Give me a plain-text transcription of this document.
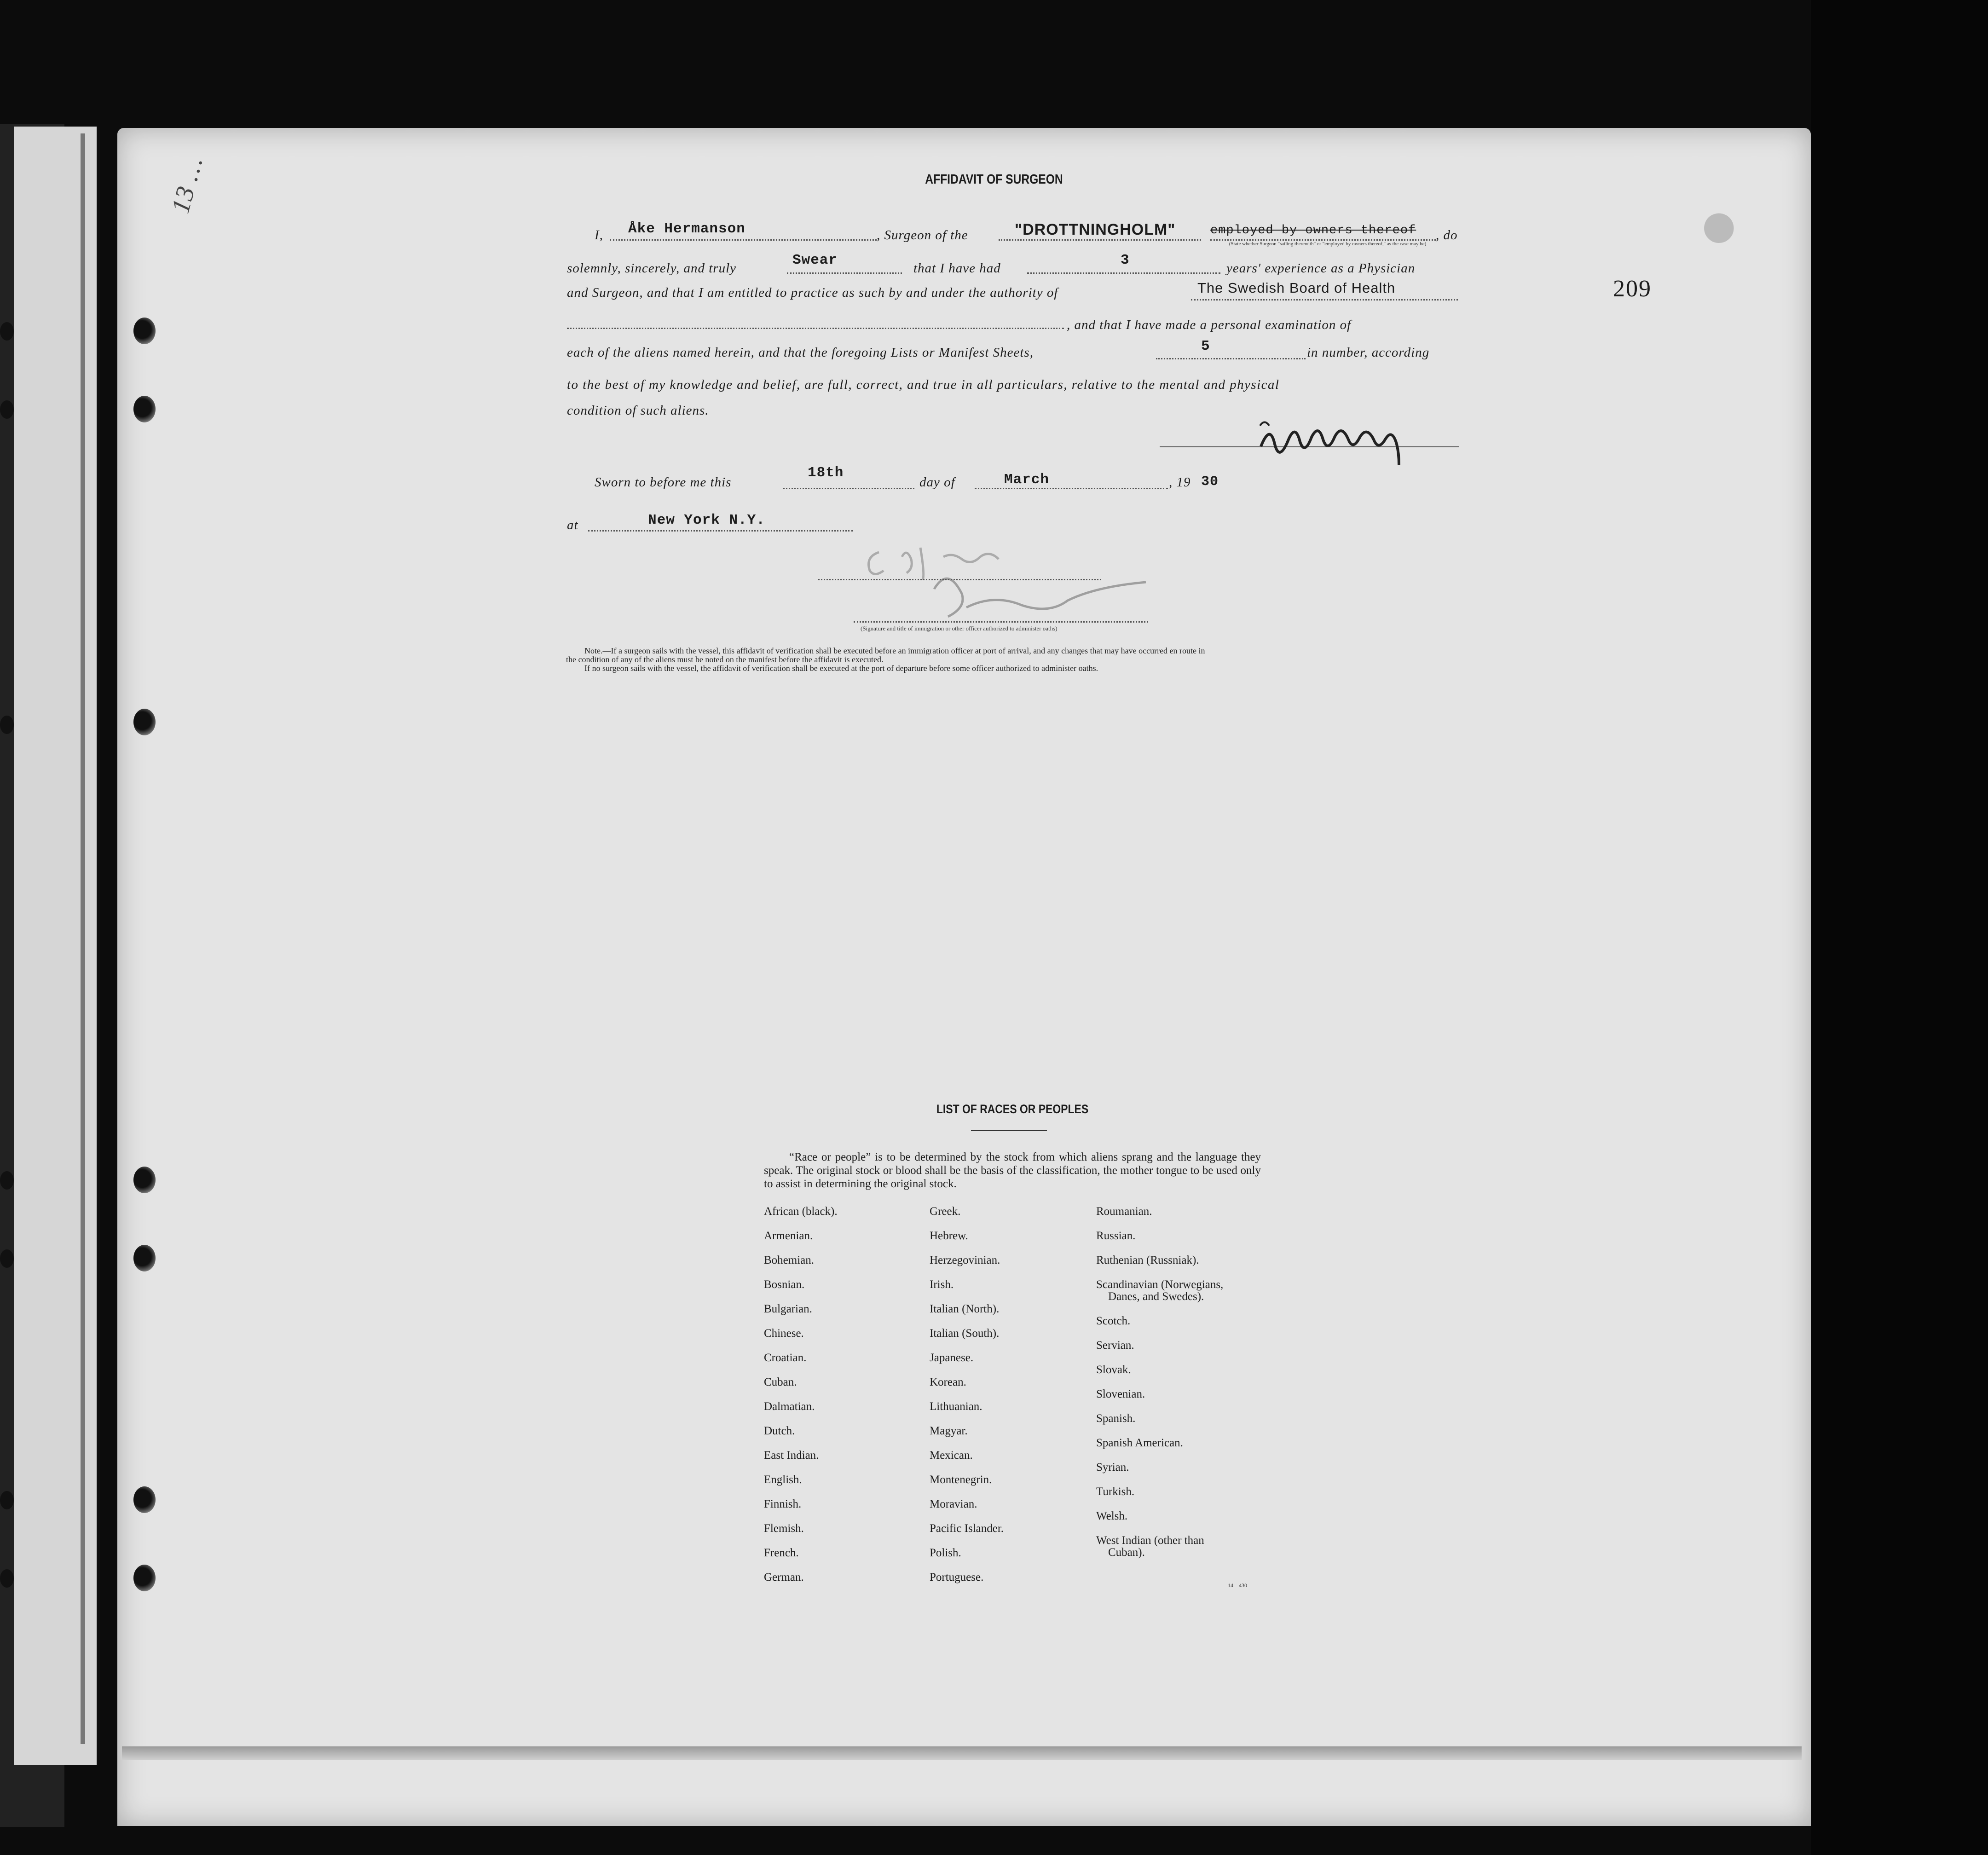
13 …	●
209
AFFIDAVIT OF SURGEON
I, Åke Hermanson	, Surgeon of the	"DROTTNINGHOLM"	employed by owners thereof
(State whether Surgeon "sailing therewith" or "employed by owners thereof," as the case may be)
, do
solemnly, sincerely, and truly	Swear	that I have had	3	years' experience as a Physician
and Surgeon, and that I am entitled to practice as such by and under the authority of	The Swedish Board of Health
, and that I have made a personal examination of
each of the aliens named herein, and that the foregoing Lists or Manifest Sheets,	5	in number, according
to the best of my knowledge and belief, are full, correct, and true in all particulars, relative to the mental and physical
condition of such aliens.
Sworn to before me this
18th
day of	March	, 19 30
at	New York N.Y.
(Signature and title of immigration or other officer authorized to administer oaths)

Note.—If a surgeon sails with the vessel, this affidavit of verification shall be executed before an immigration officer at port of arrival, and any changes that may have occurred en route in

the condition of any of the aliens must be noted on the manifest before the affidavit is executed.

If no surgeon sails with the vessel, the affidavit of verification shall be executed at the port of departure before some officer authorized to administer oaths.

LIST OF RACES OR PEOPLES
“Race or people” is to be determined by the stock from which aliens sprang and the language they speak. The original stock or blood shall be the basis of the classification, the mother tongue to be used only to assist in determining the original stock.
African (black).
Armenian.
Bohemian.
Bosnian.
Bulgarian.
Chinese.
Croatian.
Cuban.
Dalmatian.
Dutch.
East Indian.
English.
Finnish.
Flemish.
French.
German.
Greek.
Hebrew.
Herzegovinian.
Irish.
Italian (North).
Italian (South).
Japanese.
Korean.
Lithuanian.
Magyar.
Mexican.
Montenegrin.
Moravian.
Pacific Islander.
Polish.
Portuguese.
Roumanian.
Russian.
Ruthenian (Russniak).
Scandinavian (Norwegians,
Danes, and Swedes).
Scotch.
Servian.
Slovak.
Slovenian.
Spanish.
Spanish American.
Syrian.
Turkish.
Welsh.
West Indian (other than
Cuban).
14—430
